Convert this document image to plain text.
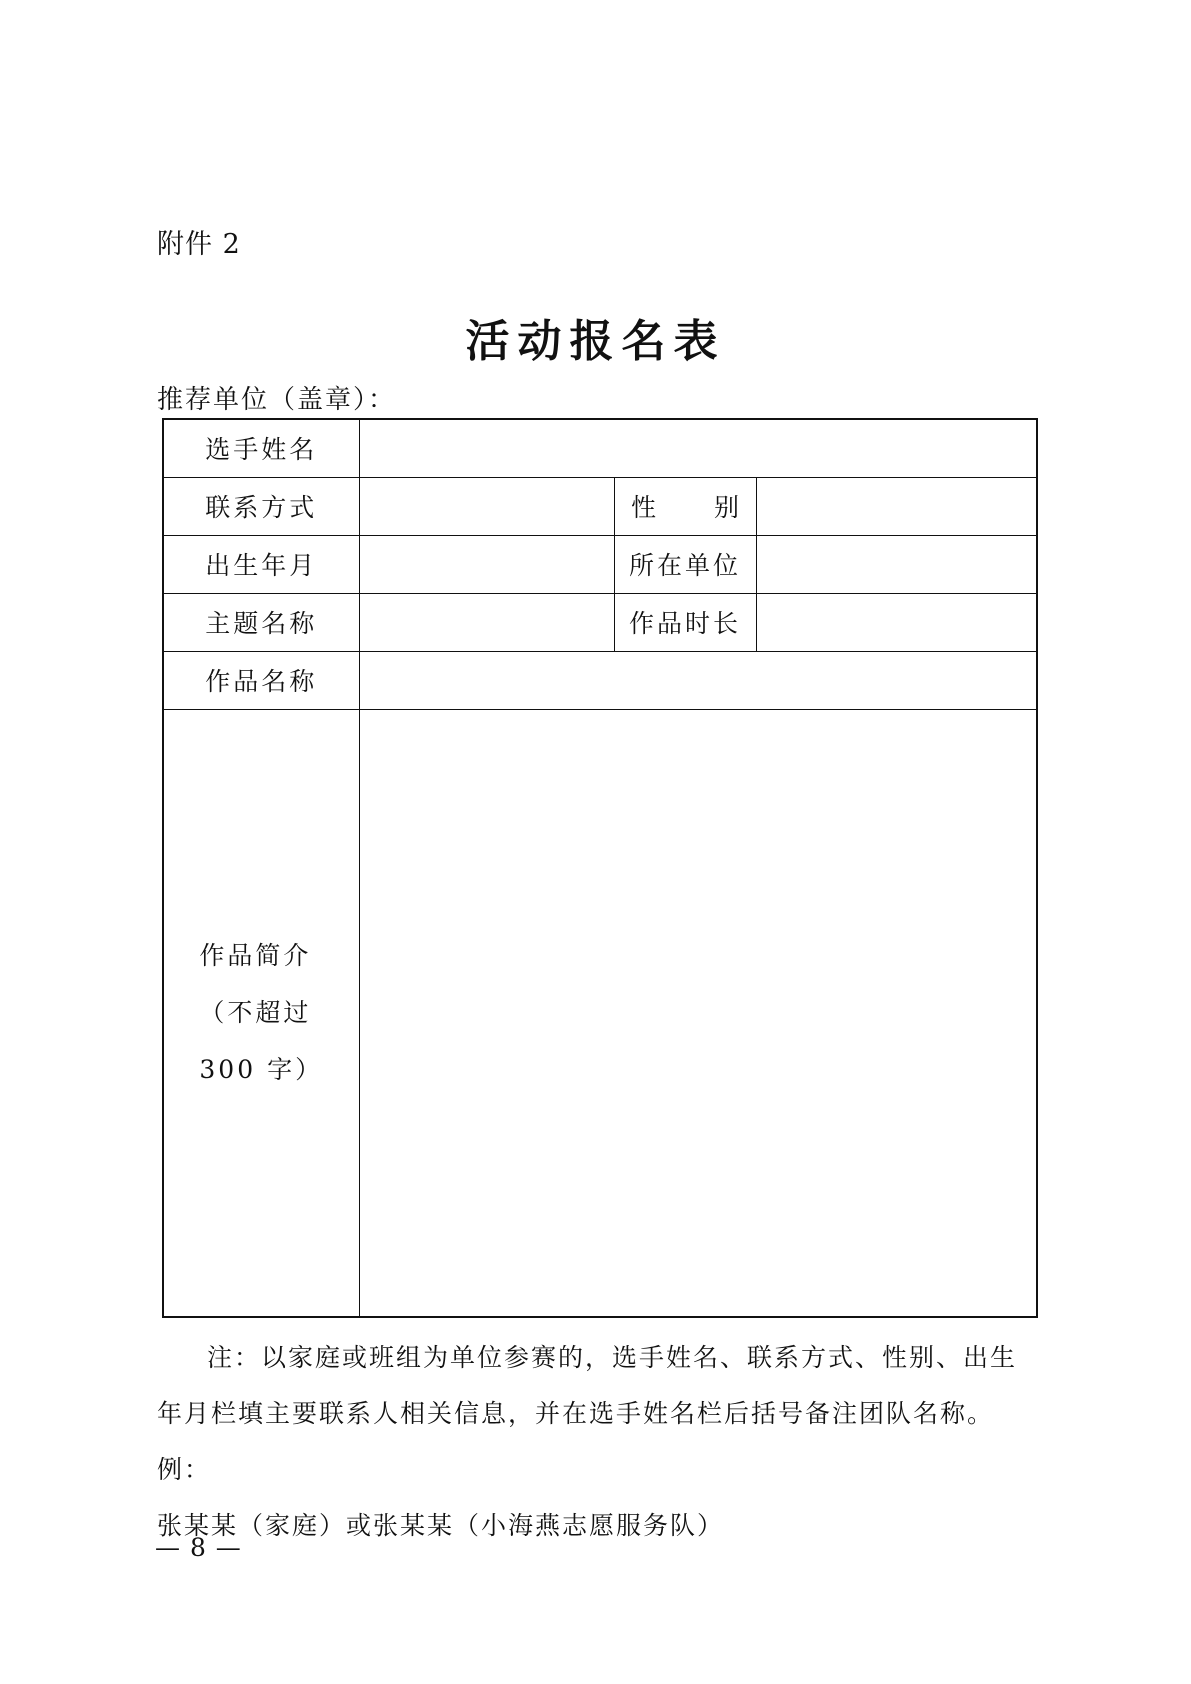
附件 2
活动报名表
推荐单位（盖章）：
选手姓名			
联系方式		性　　别	
出生年月		所在单位	
主题名称		作品时长	
作品名称			

作品简介
（不超过
300 字）			

注：以家庭或班组为单位参赛的，选手姓名、联系方式、性别、出生

年月栏填主要联系人相关信息，并在选手姓名栏后括号备注团队名称。例：

张某某（家庭）或张某某（小海燕志愿服务队）

— 8 —
